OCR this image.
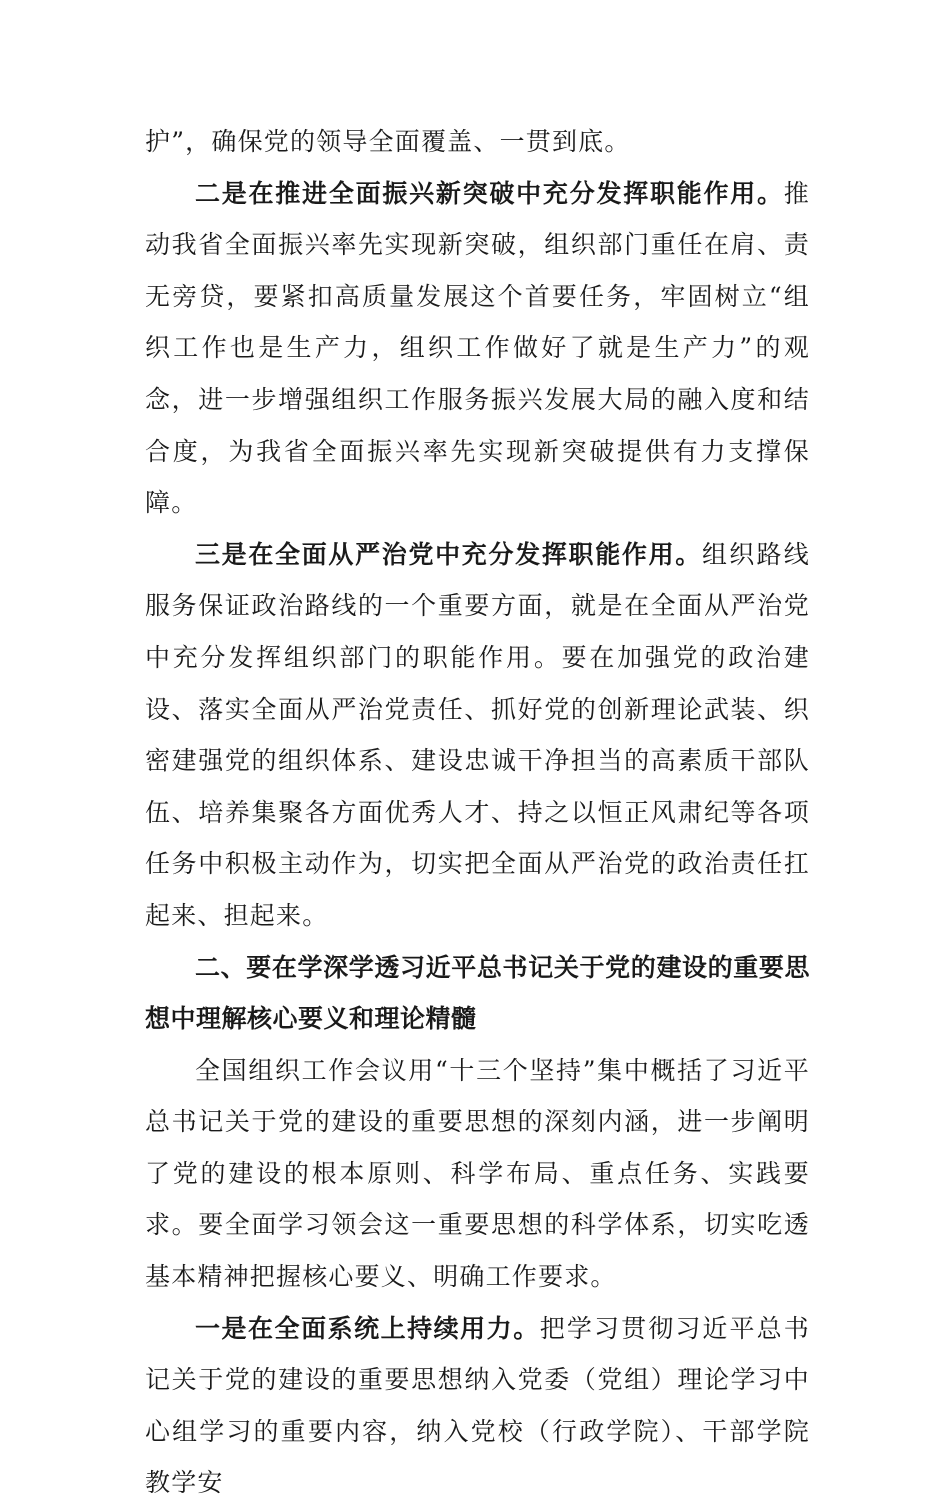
护”，确保党的领导全面覆盖、一贯到底。

二是在推进全面振兴新突破中充分发挥职能作用。推动我省全面振兴率先实现新突破，组织部门重任在肩、责无旁贷，要紧扣高质量发展这个首要任务，牢固树立“组织工作也是生产力，组织工作做好了就是生产力”的观念，进一步增强组织工作服务振兴发展大局的融入度和结合度，为我省全面振兴率先实现新突破提供有力支撑保障。

三是在全面从严治党中充分发挥职能作用。组织路线服务保证政治路线的一个重要方面，就是在全面从严治党中充分发挥组织部门的职能作用。要在加强党的政治建设、落实全面从严治党责任、抓好党的创新理论武装、织密建强党的组织体系、建设忠诚干净担当的高素质干部队伍、培养集聚各方面优秀人才、持之以恒正风肃纪等各项任务中积极主动作为，切实把全面从严治党的政治责任扛起来、担起来。

二、要在学深学透习近平总书记关于党的建设的重要思想中理解核心要义和理论精髓

全国组织工作会议用“十三个坚持”集中概括了习近平总书记关于党的建设的重要思想的深刻内涵，进一步阐明了党的建设的根本原则、科学布局、重点任务、实践要求。要全面学习领会这一重要思想的科学体系，切实吃透基本精神把握核心要义、明确工作要求。

一是在全面系统上持续用力。把学习贯彻习近平总书记关于党的建设的重要思想纳入党委（党组）理论学习中心组学习的重要内容，纳入党校（行政学院）、干部学院教学安
